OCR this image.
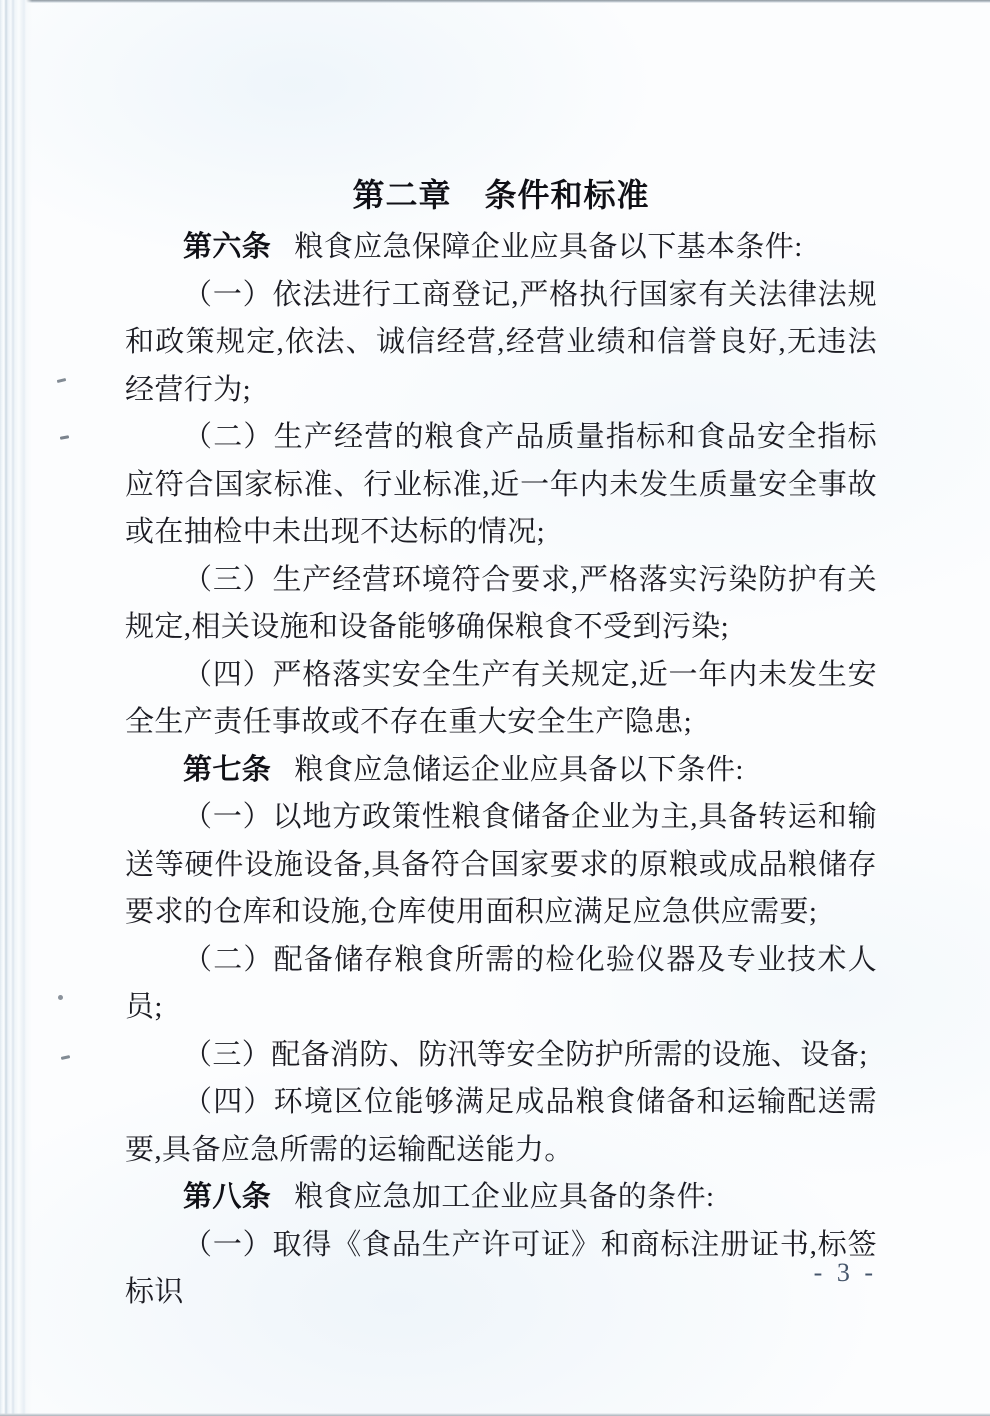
第二章　条件和标准

第六条 粮食应急保障企业应具备以下基本条件:

（一）依法进行工商登记,严格执行国家有关法律法规和政策规定,依法、诚信经营,经营业绩和信誉良好,无违法经营行为;

（二）生产经营的粮食产品质量指标和食品安全指标应符合国家标准、行业标准,近一年内未发生质量安全事故或在抽检中未出现不达标的情况;

（三）生产经营环境符合要求,严格落实污染防护有关规定,相关设施和设备能够确保粮食不受到污染;

（四）严格落实安全生产有关规定,近一年内未发生安全生产责任事故或不存在重大安全生产隐患;

第七条 粮食应急储运企业应具备以下条件:

（一）以地方政策性粮食储备企业为主,具备转运和输送等硬件设施设备,具备符合国家要求的原粮或成品粮储存要求的仓库和设施,仓库使用面积应满足应急供应需要;

（二）配备储存粮食所需的检化验仪器及专业技术人员;

（三）配备消防、防汛等安全防护所需的设施、设备;

（四）环境区位能够满足成品粮食储备和运输配送需要,具备应急所需的运输配送能力。

第八条 粮食应急加工企业应具备的条件:

（一）取得《食品生产许可证》和商标注册证书,标签标识

- 3 -
